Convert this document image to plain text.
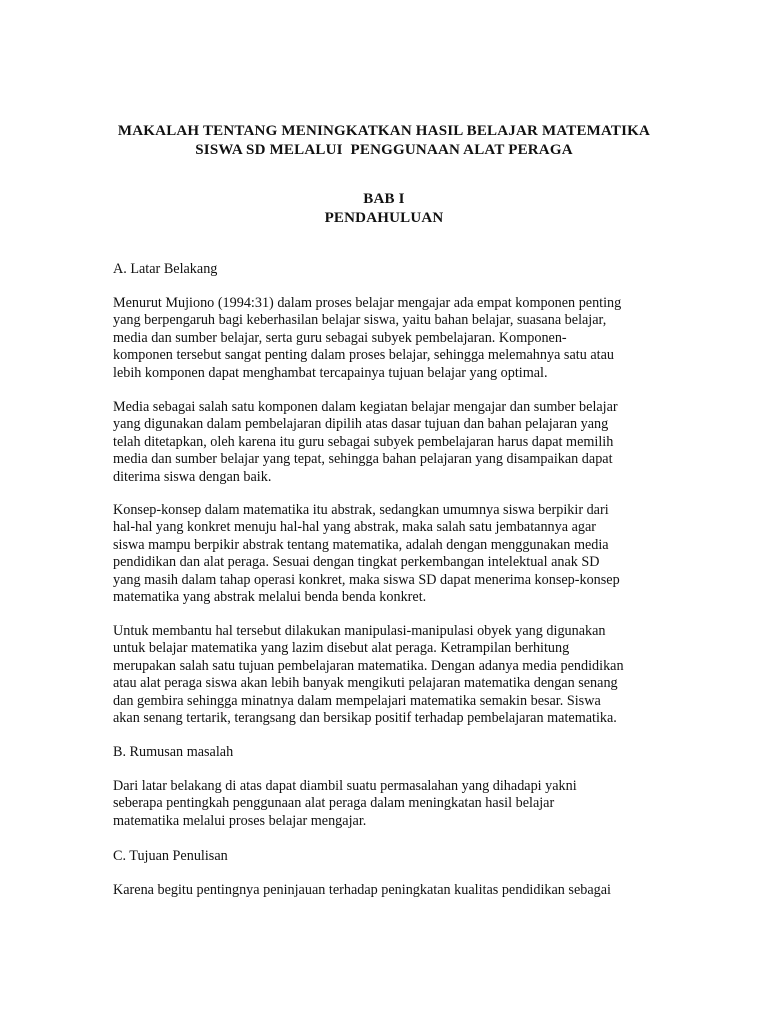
MAKALAH TENTANG MENINGKATKAN HASIL BELAJAR MATEMATIKA
SISWA SD MELALUI  PENGGUNAAN ALAT PERAGA
BAB I
PENDAHULUAN
A. Latar Belakang
Menurut Mujiono (1994:31) dalam proses belajar mengajar ada empat komponen penting
yang berpengaruh bagi keberhasilan belajar siswa, yaitu bahan belajar, suasana belajar,
media dan sumber belajar, serta guru sebagai subyek pembelajaran. Komponen-
komponen tersebut sangat penting dalam proses belajar, sehingga melemahnya satu atau
lebih komponen dapat menghambat tercapainya tujuan belajar yang optimal.
Media sebagai salah satu komponen dalam kegiatan belajar mengajar dan sumber belajar
yang digunakan dalam pembelajaran dipilih atas dasar tujuan dan bahan pelajaran yang
telah ditetapkan, oleh karena itu guru sebagai subyek pembelajaran harus dapat memilih
media dan sumber belajar yang tepat, sehingga bahan pelajaran yang disampaikan dapat
diterima siswa dengan baik.
Konsep-konsep dalam matematika itu abstrak, sedangkan umumnya siswa berpikir dari
hal-hal yang konkret menuju hal-hal yang abstrak, maka salah satu jembatannya agar
siswa mampu berpikir abstrak tentang matematika, adalah dengan menggunakan media
pendidikan dan alat peraga. Sesuai dengan tingkat perkembangan intelektual anak SD
yang masih dalam tahap operasi konkret, maka siswa SD dapat menerima konsep-konsep
matematika yang abstrak melalui benda benda konkret.
Untuk membantu hal tersebut dilakukan manipulasi-manipulasi obyek yang digunakan
untuk belajar matematika yang lazim disebut alat peraga. Ketrampilan berhitung
merupakan salah satu tujuan pembelajaran matematika. Dengan adanya media pendidikan
atau alat peraga siswa akan lebih banyak mengikuti pelajaran matematika dengan senang
dan gembira sehingga minatnya dalam mempelajari matematika semakin besar. Siswa
akan senang tertarik, terangsang dan bersikap positif terhadap pembelajaran matematika.
B. Rumusan masalah
Dari latar belakang di atas dapat diambil suatu permasalahan yang dihadapi yakni
seberapa pentingkah penggunaan alat peraga dalam meningkatan hasil belajar
matematika melalui proses belajar mengajar.
C. Tujuan Penulisan
Karena begitu pentingnya peninjauan terhadap peningkatan kualitas pendidikan sebagai
